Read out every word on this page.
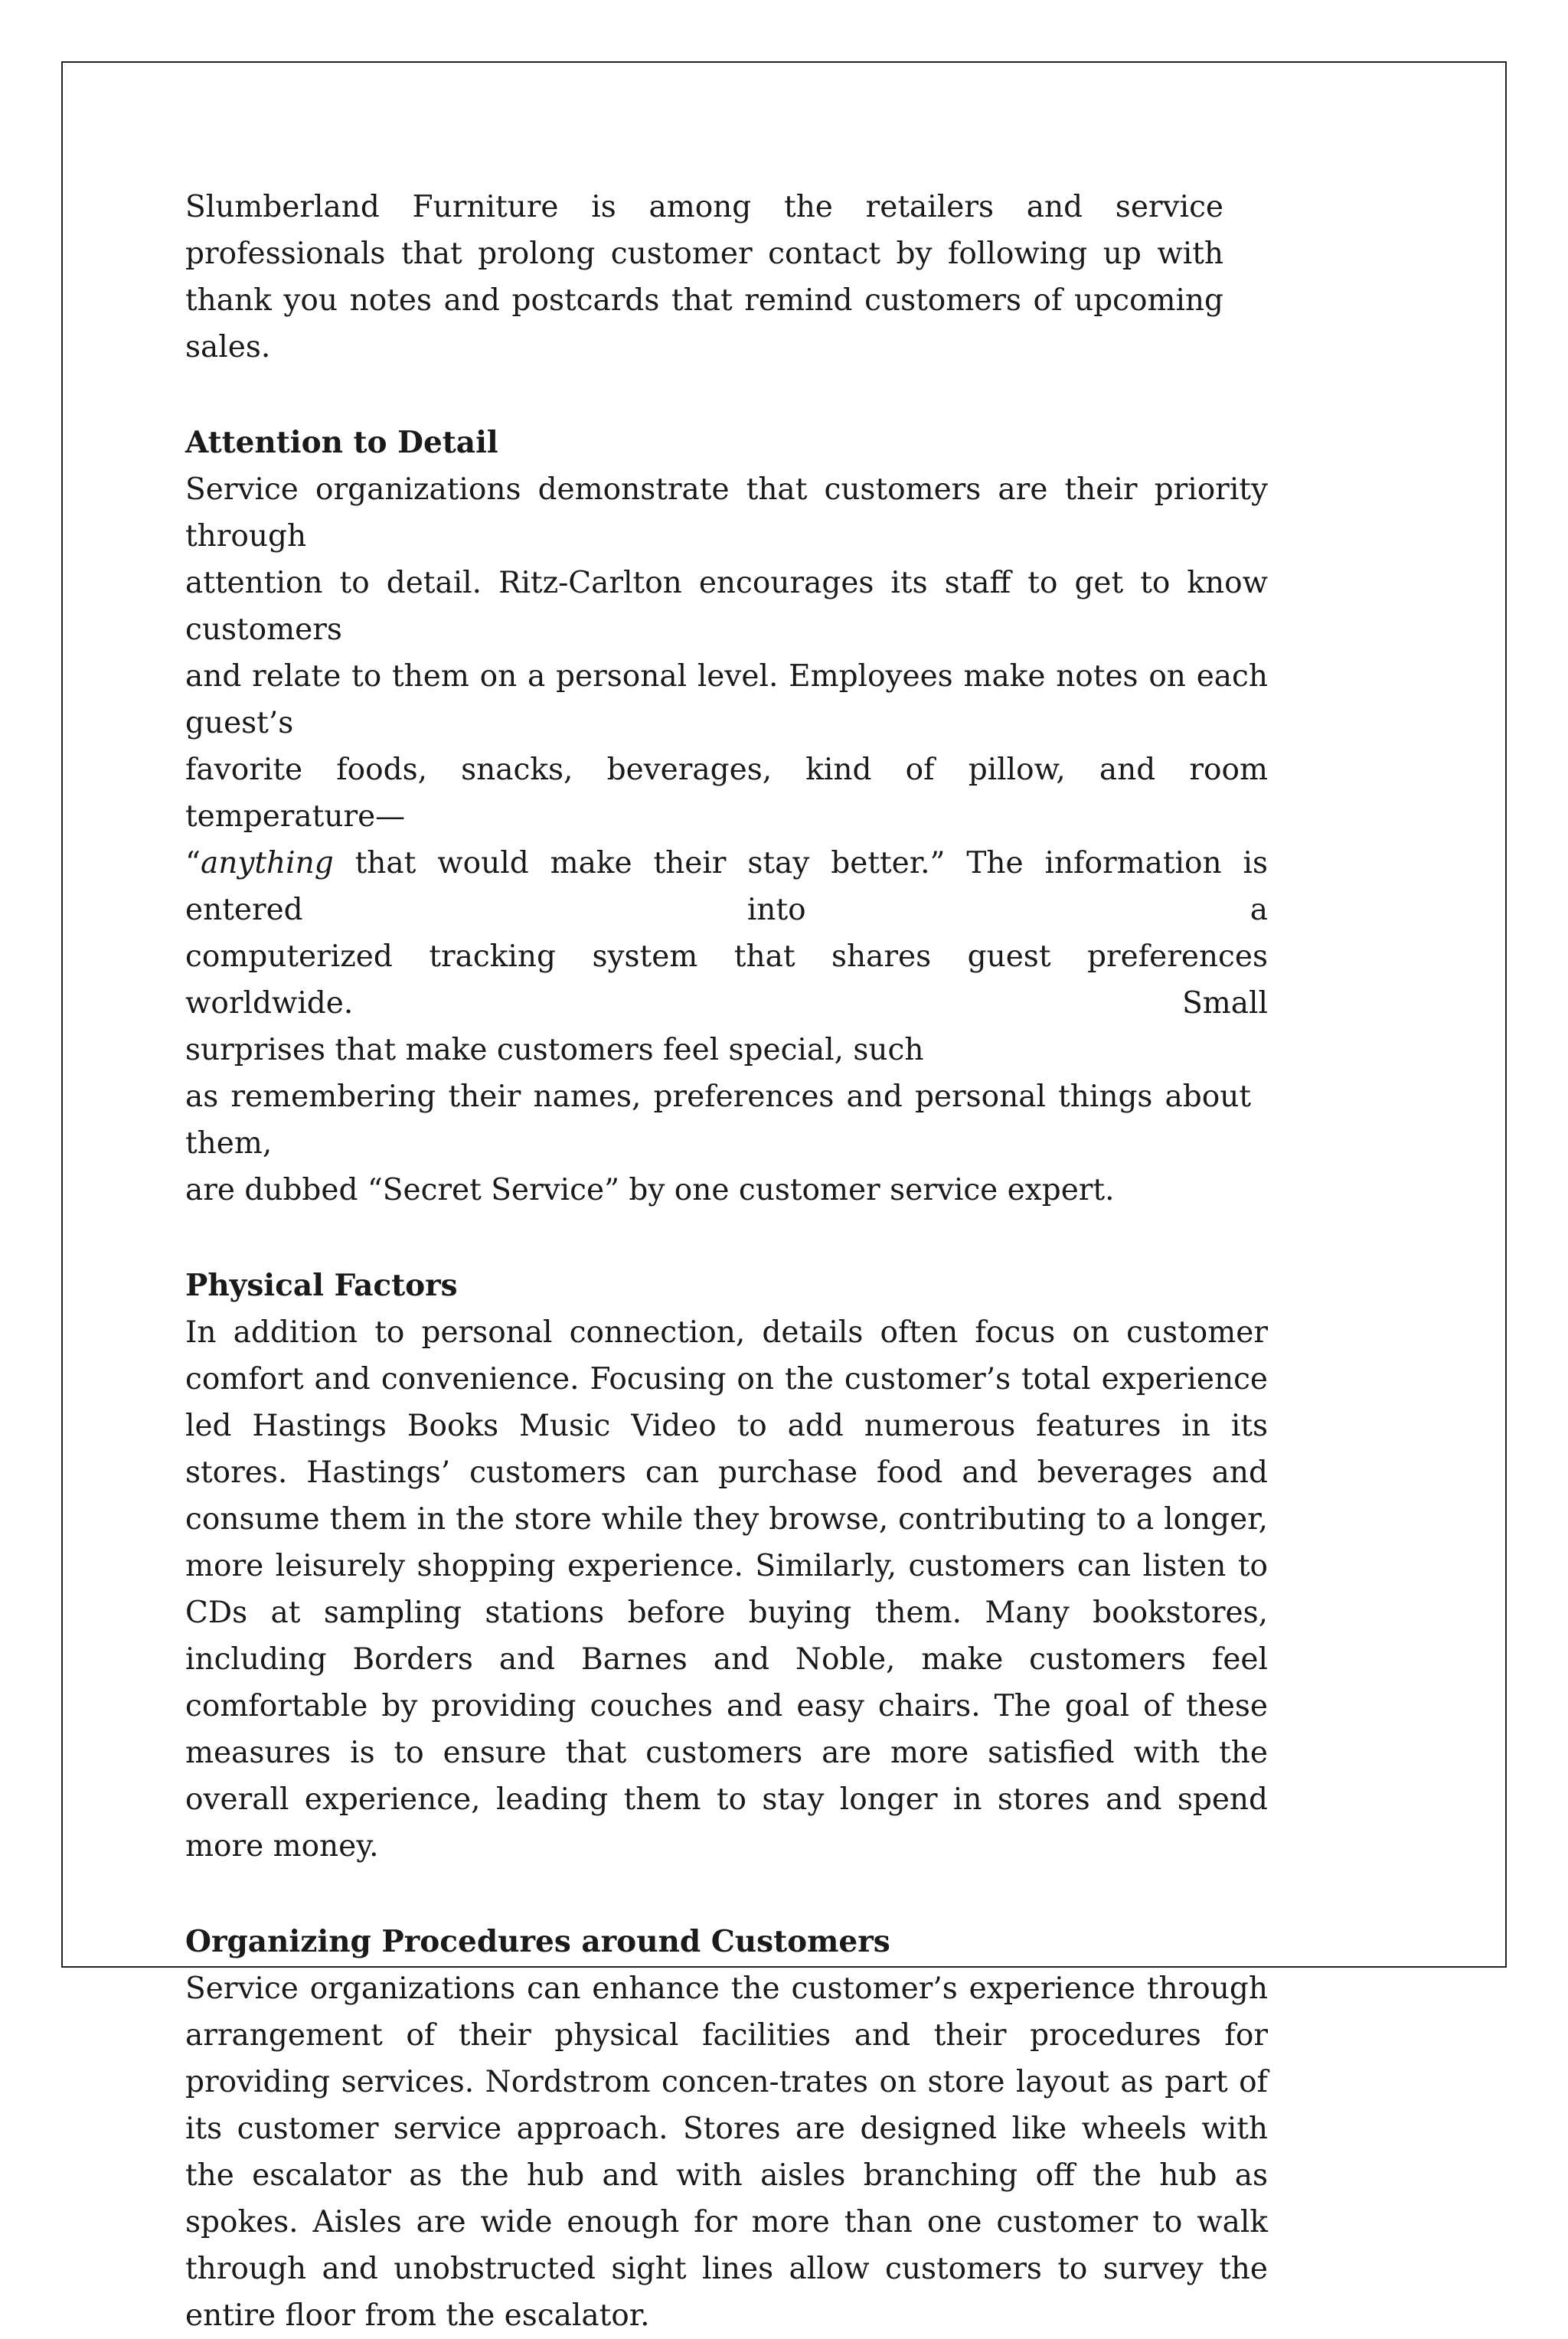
Slumberland Furniture is among the retailers and service professionals that prolong customer contact by following up with thank you notes and postcards that remind customers of upcoming sales.

Attention to Detail
Service organizations demonstrate that customers are their priority through
attention to detail. Ritz-Carlton encourages its staff to get to know customers
and relate to them on a personal level. Employees make notes on each guest’s
favorite foods, snacks, beverages, kind of pillow, and room temperature—
“anything that would make their stay better.” The information is entered into a
computerized tracking system that shares guest preferences worldwide. Small
surprises that make customers feel special, such
as remembering their names, preferences and personal things about them,
are dubbed “Secret Service” by one customer service expert.
Physical Factors

In addition to personal connection, details often focus on customer comfort and convenience. Focusing on the customer’s total experience led Hastings Books Music Video to add numerous features in its stores. Hastings’ customers can purchase food and beverages and consume them in the store while they browse, contributing to a longer, more leisurely shopping experience. Similarly, customers can listen to CDs at sampling stations before buying them. Many bookstores, including Borders and Barnes and Noble, make customers feel comfortable by providing couches and easy chairs. The goal of these measures is to ensure that customers are more satisfied with the overall experience, leading them to stay longer in stores and spend more money.

Organizing Procedures around Customers

Service organizations can enhance the customer’s experience through arrangement of their physical facilities and their procedures for providing services. Nordstrom concen-trates on store layout as part of its customer service approach. Stores are designed like wheels with the escalator as the hub and with aisles branching off the hub as spokes. Aisles are wide enough for more than one customer to walk through and unobstructed sight lines allow customers to survey the entire floor from the escalator.
